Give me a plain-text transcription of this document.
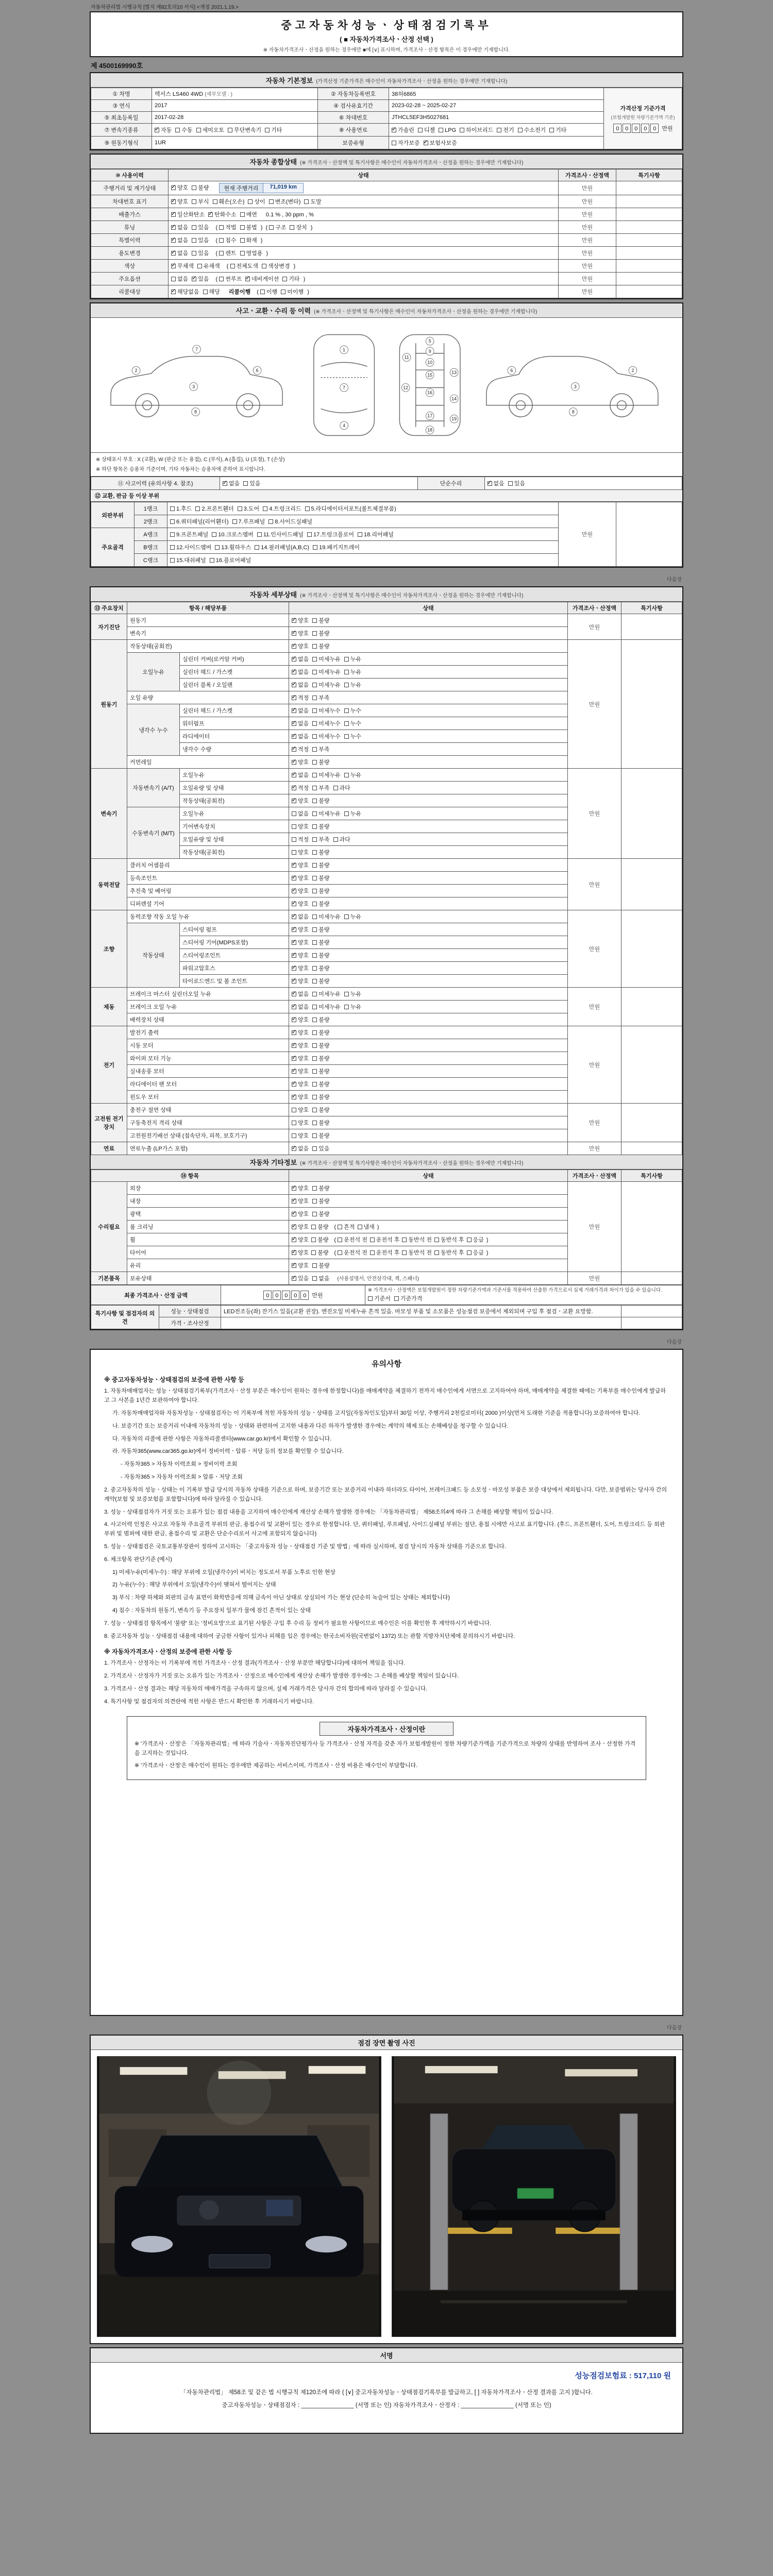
자동차관리법 시행규칙 [별지 제82호의10 서식] <개정 2021.1.19.>
중고자동차성능ㆍ상태점검기록부
( ■ 자동차가격조사ㆍ산정 선택 )
※ 자동차가격조사ㆍ산정을 원하는 경우에만 ■에 [∨] 표시하며, 가격조사ㆍ산정 항목은 이 경우에만 기재합니다.
제 4500169990호
자동차 기본정보 (가격산정 기준가격은 매수인이 자동차가격조사ㆍ산정을 원하는 경우에만 기재합니다)
① 차명	렉서스 LS460 4WD (세부모델 : )	② 자동차등록번호	38허6865	가격산정 기준가격
(보험개발원 차량기준가액 기준)
0 0 0 0 0 만원

③ 연식	2017	④ 검사유효기간	2023-02-28 ~ 2025-02-27	
⑤ 최초등록일	2017-02-28	⑥ 차대번호	JTHCL5EF3H5027681	
⑦ 변속기종류	✓자동 수동 세미오토 무단변속기 기타	⑧ 사용연료	✓가솔린 디젤 LPG 하이브리드 전기 수소전기 기타
⑨ 원동기형식	1UR	보증유형	자가보증 ✓ 보험사보증
자동차 종합상태 (※ 가격조사ㆍ산정액 및 특기사항은 매수인이 자동차가격조사ㆍ산정을 원하는 경우에만 기재합니다)
⑩ 사용이력	상태	가격조사ㆍ산정액	특기사항
주행거리 및 계기상태	✓양호 불량 현재 주행거리 71,019 km	만원	
차대번호 표기	✓양호 부식 훼손(오손) 상이 변조(변타) 도말	만원	
배출가스	✓일산화탄소 ✓ 탄화수소 매연 0.1 % , 30 ppm , %	만원	
튜닝	✓없음 있음 ( 적법 불법 ) ( 구조 장치 )	만원	
특별이력	✓없음 있음 ( 침수 화재 )	만원	
용도변경	✓없음 있음 ( 렌트 영업용 )	만원	
색상	✓무채색 유채색 ( 전체도색 색상변경 )	만원	
주요옵션	없음 ✓ 있음 ( 썬루프 ✓ 네비게이션 기타 )	만원	
리콜대상	✓해당없음 해당 리콜이행 ( 이행 미이행 )	만원	
사고ㆍ교환ㆍ수리 등 이력 (※ 가격조사ㆍ산정액 및 특기사항은 매수인이 자동차가격조사ㆍ산정을 원하는 경우에만 기재합니다)
1
7
4
2
3
6
7
8
5
9
10
11
15
12
13
16
14
17
19
18
2
3
6
8
※ 상태표시 부호 : X (교환), W (판금 또는 용접), C (부식), A (흠집), U (요철), T (손상)
※ 하단 항목은 승용차 기준이며, 기타 자동차는 승용차에 준하여 표시합니다.
⑪ 사고이력 (유의사항 4. 참조)	✓없음 있음	단순수리	✓없음 있음
⑫ 교환, 판금 등 이상 부위
외판부위	1랭크	1.후드 2.프론트휀더 3.도어 4.트렁크리드 5.라디에이터서포트(볼트체결부품)	만원	
	2랭크	6.쿼터패널(리어휀더) 7.루프패널 8.사이드실패널		
주요골격	A랭크	9.프론트패널 10.크로스멤버 11.인사이드패널 17.트렁크플로어 18.리어패널		
	B랭크	12.사이드멤버 13.휠하우스 14.필러패널(A,B,C) 19.패키지트레이		
	C랭크	15.대쉬패널 16.플로어패널		
다음장
자동차 세부상태 (※ 가격조사ㆍ산정액 및 특기사항은 매수인이 자동차가격조사ㆍ산정을 원하는 경우에만 기재합니다)
⑬ 주요장치	항목 / 해당부품		상태	가격조사ㆍ산정액	특기사항
자기진단	원동기	✓양호 불량	만원	
	변속기	✓양호 불량
원동기	작동상태(공회전)	✓양호 불량	만원	
	오일누유	실린더 커버(로커암 커버)	✓없음 미세누유 누유
		실린더 헤드 / 가스켓	✓없음 미세누유 누유
		실린더 블록 / 오일팬	✓없음 미세누유 누유
	오일 유량	✓적정 부족
	냉각수 누수	실린더 헤드 / 가스켓	✓없음 미세누수 누수
		워터펌프	✓없음 미세누수 누수
		라디에이터	✓없음 미세누수 누수
		냉각수 수량	✓적정 부족
	커먼레일	✓양호 불량
변속기	자동변속기 (A/T)	오일누유	✓없음 미세누유 누유	만원	
		오일유량 및 상태	✓적정 부족 과다
		작동상태(공회전)	✓양호 불량
	수동변속기 (M/T)	오일누유	없음 미세누유 누유		
		기어변속장치	양호 불량		
		오일유량 및 상태	적정 부족 과다		
		작동상태(공회전)	양호 불량		
동력전달	클러치 어셈블리	✓양호 불량	만원	
	등속조인트	✓양호 불량
	추진축 및 베어링	✓양호 불량
	디퍼렌셜 기어	✓양호 불량
조향	동력조향 작동 오일 누유	✓없음 미세누유 누유	만원	
	작동상태	스티어링 펌프	✓양호 불량
		스티어링 기어(MDPS포함)	✓양호 불량
		스티어링조인트	✓양호 불량
		파워고압호스	✓양호 불량
		타이로드엔드 및 볼 조인트	✓양호 불량
제동	브레이크 마스터 실린더오일 누유	✓없음 미세누유 누유	만원	
	브레이크 오일 누유	✓없음 미세누유 누유
	배력장치 상태	✓양호 불량
전기	발전기 출력	✓양호 불량	만원	
	시동 모터	✓양호 불량
	와이퍼 모터 기능	✓양호 불량
	실내송풍 모터	✓양호 불량
	라디에이터 팬 모터	✓양호 불량
	윈도우 모터	✓양호 불량
고전원 전기장치	충전구 절연 상태		양호 불량	만원	
	구동축전지 격리 상태		양호 불량		
	고전원전기배선 상태 (접속단자, 피복, 보호기구)		양호 불량		
연료	연료누출 (LP가스 포함)	✓없음 있음	만원	
자동차 기타정보 (※ 가격조사ㆍ산정액 및 특기사항은 매수인이 자동차가격조사ㆍ산정을 원하는 경우에만 기재합니다)
⑭ 항목		상태	가격조사ㆍ산정액	특기사항
수리필요	외장	✓양호 불량	만원	
	내장	✓양호 불량
	광택	✓양호 불량
	룸 크리닝	✓양호 불량 ( 흔적 냄새 )
	휠	✓양호 불량 ( 운전석 전 운전석 후 동반석 전 동반석 후 응급 )
	타이어	✓양호 불량 ( 운전석 전 운전석 후 동반석 전 동반석 후 응급 )
	유리	✓양호 불량
기본품목	보유상태	✓있음 없음 (사용설명서, 안전삼각대, 잭, 스패너)	만원	
최종 가격조사ㆍ산정 금액	0 0 0 0 0 만원	
※ 가격조사ㆍ산정액은 보험개발원이 정한 차량기준가액과 기준서를 적용하여 산출한 가격으로서 실제 거래가격과 차이가 있을 수 있습니다.
기준서 기준가격
특기사항 및 점검자의 의견	성능ㆍ상태점검	LED전조등(좌) 잔기스 있음(교환 권장). 엔진오일 미세누유 흔적 있음. 마모성 부품 및 소모품은 성능점검 보증에서 제외되며 구입 후 점검ㆍ교환 요망함.	
	가격ㆍ조사산정		
다음장
유의사항
※ 중고자동차성능ㆍ상태점검의 보증에 관한 사항 등

1. 자동차매매업자는 성능ㆍ상태점검기록부(가격조사ㆍ산정 부분은 매수인이 원하는 경우에 한정합니다)를 매매계약을 체결하기 전까지 매수인에게 서면으로 고지하여야 하며, 매매계약을 체결한 때에는 기록부를 매수인에게 발급하고 그 사본을 1년간 보관하여야 합니다.

가. 자동차매매업자와 자동차성능ㆍ상태점검자는 이 기록부에 적힌 자동차의 성능ㆍ상태를 고지일(자동차인도일)부터 30일 이상, 주행거리 2천킬로미터( 2000 )이상(먼저 도래한 기준을 적용합니다) 보증하여야 합니다.

나. 보증기간 또는 보증거리 이내에 자동차의 성능ㆍ상태와 관련하여 고지한 내용과 다른 하자가 발생한 경우에는 계약의 해제 또는 손해배상을 청구할 수 있습니다.

다. 자동차의 리콜에 관한 사항은 자동차리콜센터(www.car.go.kr)에서 확인할 수 있습니다.

라. 자동차365(www.car365.go.kr)에서 정비이력ㆍ압류ㆍ저당 등의 정보를 확인할 수 있습니다.

- 자동차365 > 자동차 이력조회 > 정비이력 조회

- 자동차365 > 자동차 이력조회 > 압류ㆍ저당 조회

2. 중고자동차의 성능ㆍ상태는 이 기록부 발급 당시의 자동차 상태를 기준으로 하며, 보증기간 또는 보증거리 이내라 하더라도 타이어, 브레이크패드 등 소모성ㆍ마모성 부품은 보증 대상에서 제외됩니다. 다만, 보증범위는 당사자 간의 계약(보험 및 보증보험을 포함합니다)에 따라 달라질 수 있습니다.

3. 성능ㆍ상태점검자가 거짓 또는 오류가 있는 점검 내용을 고지하여 매수인에게 재산상 손해가 발생한 경우에는 「자동차관리법」 제58조의4에 따라 그 손해를 배상할 책임이 있습니다.

4. 사고이력 인정은 사고로 자동차 주요골격 부위의 판금, 용접수리 및 교환이 있는 경우로 한정합니다. 단, 쿼터패널, 루프패널, 사이드실패널 부위는 절단, 용접 시에만 사고로 표기합니다. (후드, 프론트휀더, 도어, 트렁크리드 등 외판부위 및 범퍼에 대한 판금, 용접수리 및 교환은 단순수리로서 사고에 포함되지 않습니다)

5. 성능ㆍ상태점검은 국토교통부장관이 정하여 고시하는 「중고자동차 성능ㆍ상태점검 기준 및 방법」에 따라 실시하며, 점검 당시의 자동차 상태를 기준으로 합니다.

6. 체크항목 판단기준 (예시)

1) 미세누유(미세누수) : 해당 부위에 오일(냉각수)이 비치는 정도로서 부품 노후로 인한 현상

2) 누유(누수) : 해당 부위에서 오일(냉각수)이 맺혀서 떨어지는 상태

3) 부식 : 차량 하체와 외판의 금속 표면이 화학반응에 의해 금속이 아닌 상태로 상실되어 가는 현상 (단순히 녹슬어 있는 상태는 제외합니다)

4) 침수 : 자동차의 원동기, 변속기 등 주요장치 일부가 물에 잠긴 흔적이 있는 상태

7. 성능ㆍ상태점검 항목에서 '불량' 또는 '정비요망'으로 표기된 사항은 구입 후 수리 등 정비가 필요한 사항이므로 매수인은 이를 확인한 후 계약하시기 바랍니다.

8. 중고자동차 성능ㆍ상태점검 내용에 대하여 궁금한 사항이 있거나 피해를 입은 경우에는 한국소비자원(국번없이 1372) 또는 관할 지방자치단체에 문의하시기 바랍니다.

※ 자동차가격조사ㆍ산정의 보증에 관한 사항 등

1. 가격조사ㆍ산정자는 이 기록부에 적힌 가격조사ㆍ산정 결과(가격조사ㆍ산정 부분만 해당합니다)에 대하여 책임을 집니다.

2. 가격조사ㆍ산정자가 거짓 또는 오류가 있는 가격조사ㆍ산정으로 매수인에게 재산상 손해가 발생한 경우에는 그 손해를 배상할 책임이 있습니다.

3. 가격조사ㆍ산정 결과는 해당 자동차의 매매가격을 구속하지 않으며, 실제 거래가격은 당사자 간의 합의에 따라 달라질 수 있습니다.

4. 특기사항 및 점검자의 의견란에 적힌 사항은 반드시 확인한 후 거래하시기 바랍니다.

자동차가격조사ㆍ산정이란

※ '가격조사ㆍ산정'은 「자동차관리법」에 따라 기술사ㆍ자동차진단평가사 등 가격조사ㆍ산정 자격을 갖춘 자가 보험개발원이 정한 차량기준가액을 기준가격으로 차량의 상태를 반영하여 조사ㆍ산정한 가격을 고지하는 것입니다.

※ '가격조사ㆍ산정'은 매수인이 원하는 경우에만 제공하는 서비스이며, 가격조사ㆍ산정 비용은 매수인이 부담합니다.

다음장
점검 장면 촬영 사진
서명
성능점검보험료 : 517,110 원
「자동차관리법」 제58조 및 같은 법 시행규칙 제120조에 따라 ( [∨] 중고자동차성능ㆍ상태점검기록부를 발급하고, [ ] 자동차가격조사ㆍ산정 결과를 고지 )합니다.
중고자동차성능ㆍ상태점검자 : ________________ (서명 또는 인) 자동차가격조사ㆍ산정자 : ________________ (서명 또는 인)
